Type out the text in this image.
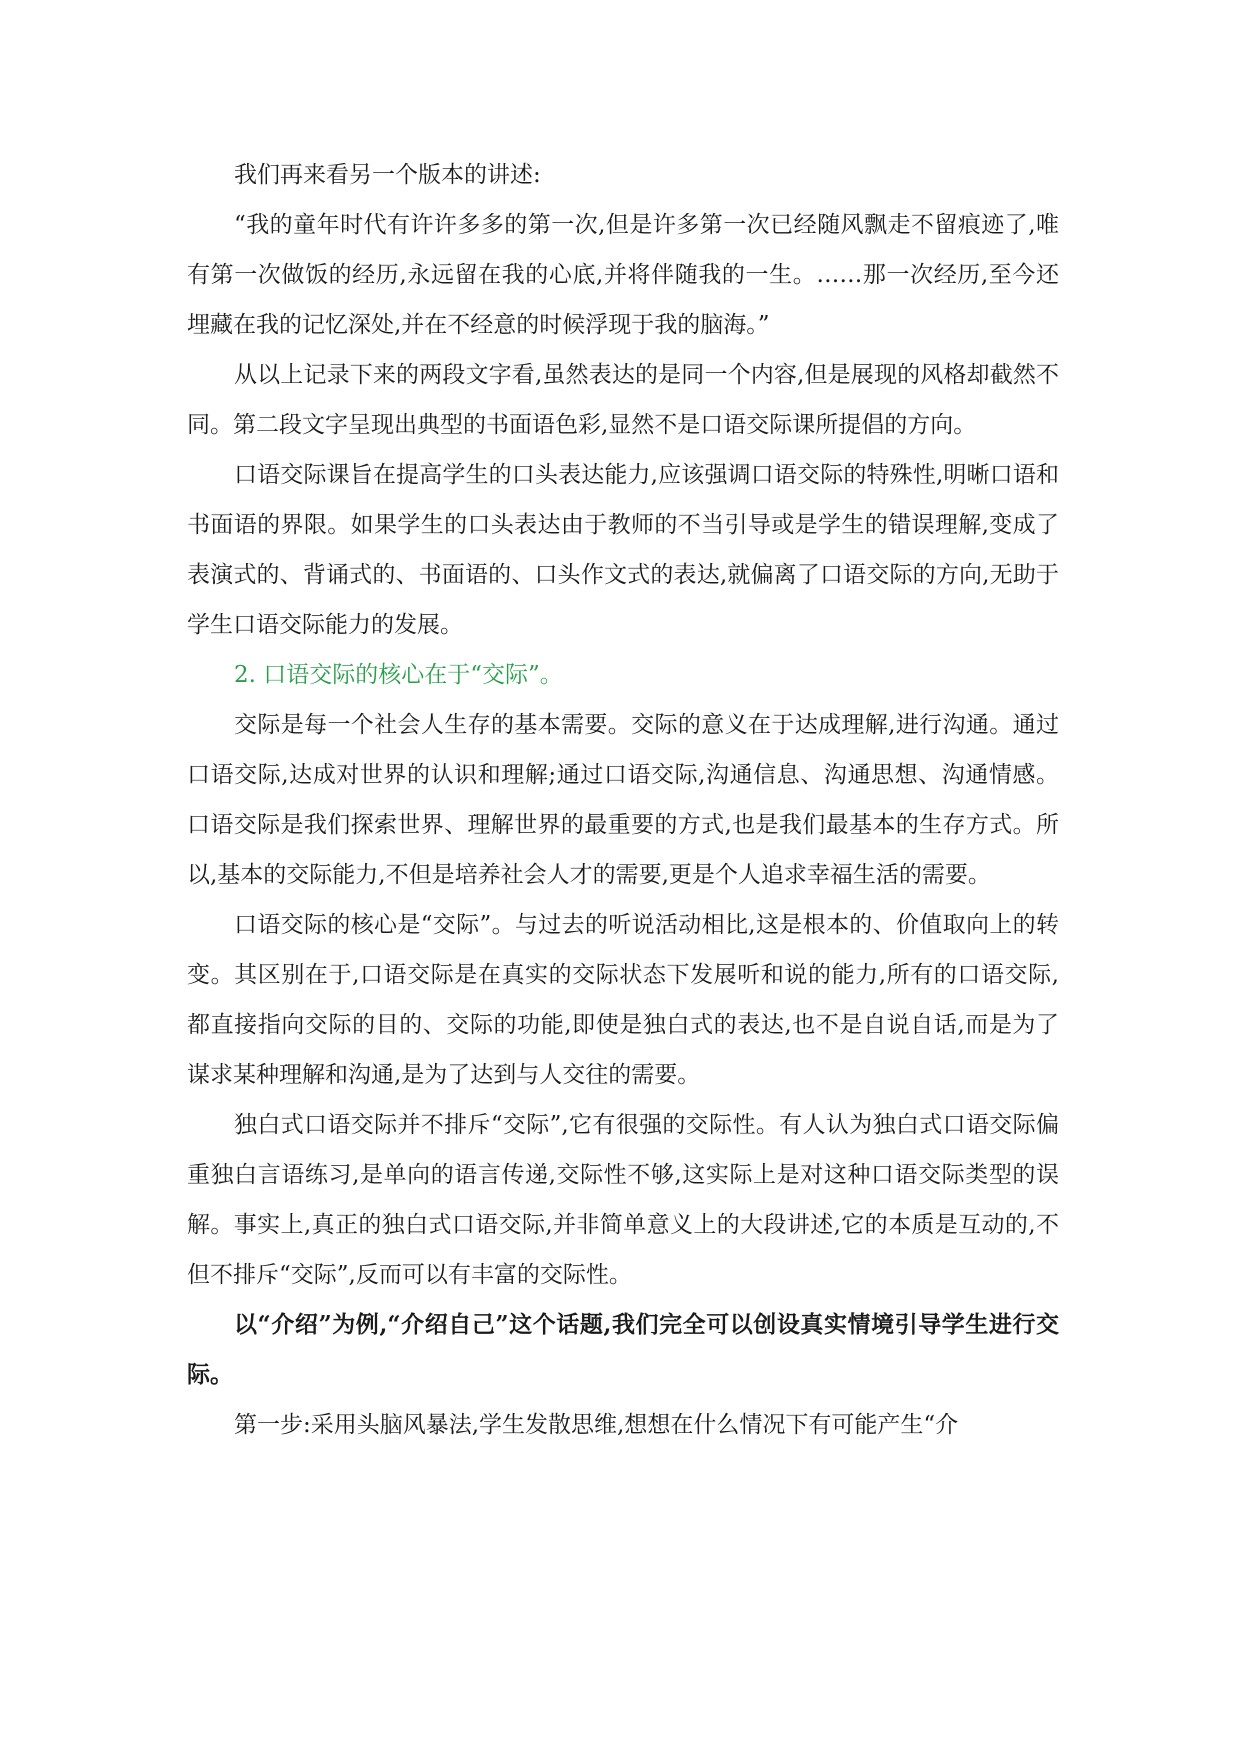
我们再来看另一个版本的讲述:

“我的童年时代有许许多多的第一次,但是许多第一次已经随风飘走不留痕迹了,唯有第一次做饭的经历,永远留在我的心底,并将伴随我的一生。……那一次经历,至今还埋藏在我的记忆深处,并在不经意的时候浮现于我的脑海。”

从以上记录下来的两段文字看,虽然表达的是同一个内容,但是展现的风格却截然不同。第二段文字呈现出典型的书面语色彩,显然不是口语交际课所提倡的方向。

口语交际课旨在提高学生的口头表达能力,应该强调口语交际的特殊性,明晰口语和书面语的界限。如果学生的口头表达由于教师的不当引导或是学生的错误理解,变成了表演式的、背诵式的、书面语的、口头作文式的表达,就偏离了口语交际的方向,无助于学生口语交际能力的发展。

2. 口语交际的核心在于“交际”。

交际是每一个社会人生存的基本需要。交际的意义在于达成理解,进行沟通。通过口语交际,达成对世界的认识和理解;通过口语交际,沟通信息、沟通思想、沟通情感。口语交际是我们探索世界、理解世界的最重要的方式,也是我们最基本的生存方式。所以,基本的交际能力,不但是培养社会人才的需要,更是个人追求幸福生活的需要。

口语交际的核心是“交际”。与过去的听说活动相比,这是根本的、价值取向上的转变。其区别在于,口语交际是在真实的交际状态下发展听和说的能力,所有的口语交际,都直接指向交际的目的、交际的功能,即使是独白式的表达,也不是自说自话,而是为了谋求某种理解和沟通,是为了达到与人交往的需要。

独白式口语交际并不排斥“交际”,它有很强的交际性。有人认为独白式口语交际偏重独白言语练习,是单向的语言传递,交际性不够,这实际上是对这种口语交际类型的误解。事实上,真正的独白式口语交际,并非简单意义上的大段讲述,它的本质是互动的,不但不排斥“交际”,反而可以有丰富的交际性。

以“介绍”为例,“介绍自己”这个话题,我们完全可以创设真实情境引导学生进行交际。

第一步:采用头脑风暴法,学生发散思维,想想在什么情况下有可能产生“介
